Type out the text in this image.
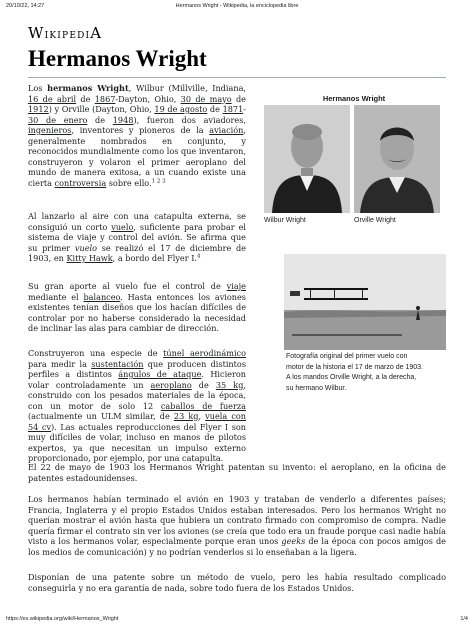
20/10/22, 14:27	Hermanos Wright - Wikipedia, la enciclopedia libre
WikipediA
Hermanos Wright

Los hermanos Wright, Wilbur (Millville, Indiana, 16 de abril de 1867-Dayton, Ohio, 30 de mayo de 1912) y Orville (Dayton, Ohio, 19 de agosto de 1871-30 de enero de 1948), fueron dos aviadores, ingenieros, inventores y pioneros de la aviación, generalmente nombrados en conjunto, y reconocidos mundialmente como los que inventaron, construyeron y volaron el primer aeroplano del mundo de manera exitosa, a un cuando existe una cierta controversia sobre ello.$^{1 2 3}$

Al lanzarlo al aire con una catapulta externa, se consiguió un corto vuelo, suficiente para probar el sistema de viaje y control del avión. Se afirma que su primer vuelo se realizó el 17 de diciembre de 1903, en Kitty Hawk, a bordo del Flyer I.$^4$

Su gran aporte al vuelo fue el control de viaje mediante el balanceo. Hasta entonces los aviones existentes tenían diseños que los hacían difíciles de controlar por no haberse considerado la necesidad de inclinar las alas para cambiar de dirección.

Construyeron una especie de túnel aerodinámico para medir la sustentación que producen distintos perfiles a distintos ángulos de ataque. Hicieron volar controladamente un aeroplano de 35 kg, construido con los pesados materiales de la época, con un motor de solo 12 caballos de fuerza (actualmente un ULM similar, de 23 kg, vuela con 54 cv). Las actuales reproducciones del Flyer I son muy difíciles de volar, incluso en manos de pilotos expertos, ya que necesitan un impulso externo proporcionado, por ejemplo, por una catapulta.

El 22 de mayo de 1903 los Hermanos Wright patentan su invento: el aeroplano, en la oficina de patentes estadounidenses.

Los hermanos habían terminado el avión en 1903 y trataban de venderlo a diferentes países; Francia, Inglaterra y el propio Estados Unidos estaban interesados. Pero los hermanos Wright no querían mostrar el avión hasta que hubiera un contrato firmado con compromiso de compra. Nadie quería firmar el contrato sin ver los aviones (se creía que todo era un fraude porque casi nadie había visto a los hermanos volar, especialmente porque eran unos geeks de la época con pocos amigos de los medios de comunicación) y no podrían venderlos si lo enseñaban a la ligera.

Disponían de una patente sobre un método de vuelo, pero les había resultado complicado conseguirla y no era garantía de nada, sobre todo fuera de los Estados Unidos.

Hermanos Wright
Wilbur Wright	Orville Wright
Fotografía original del primer vuelo con
motor de la historia el 17 de marzo de 1903.
A los mandos Orville Wright, a la derecha,
su hermano Wilbur.
https://es.wikipedia.org/wiki/Hermanos_Wright	1/4
